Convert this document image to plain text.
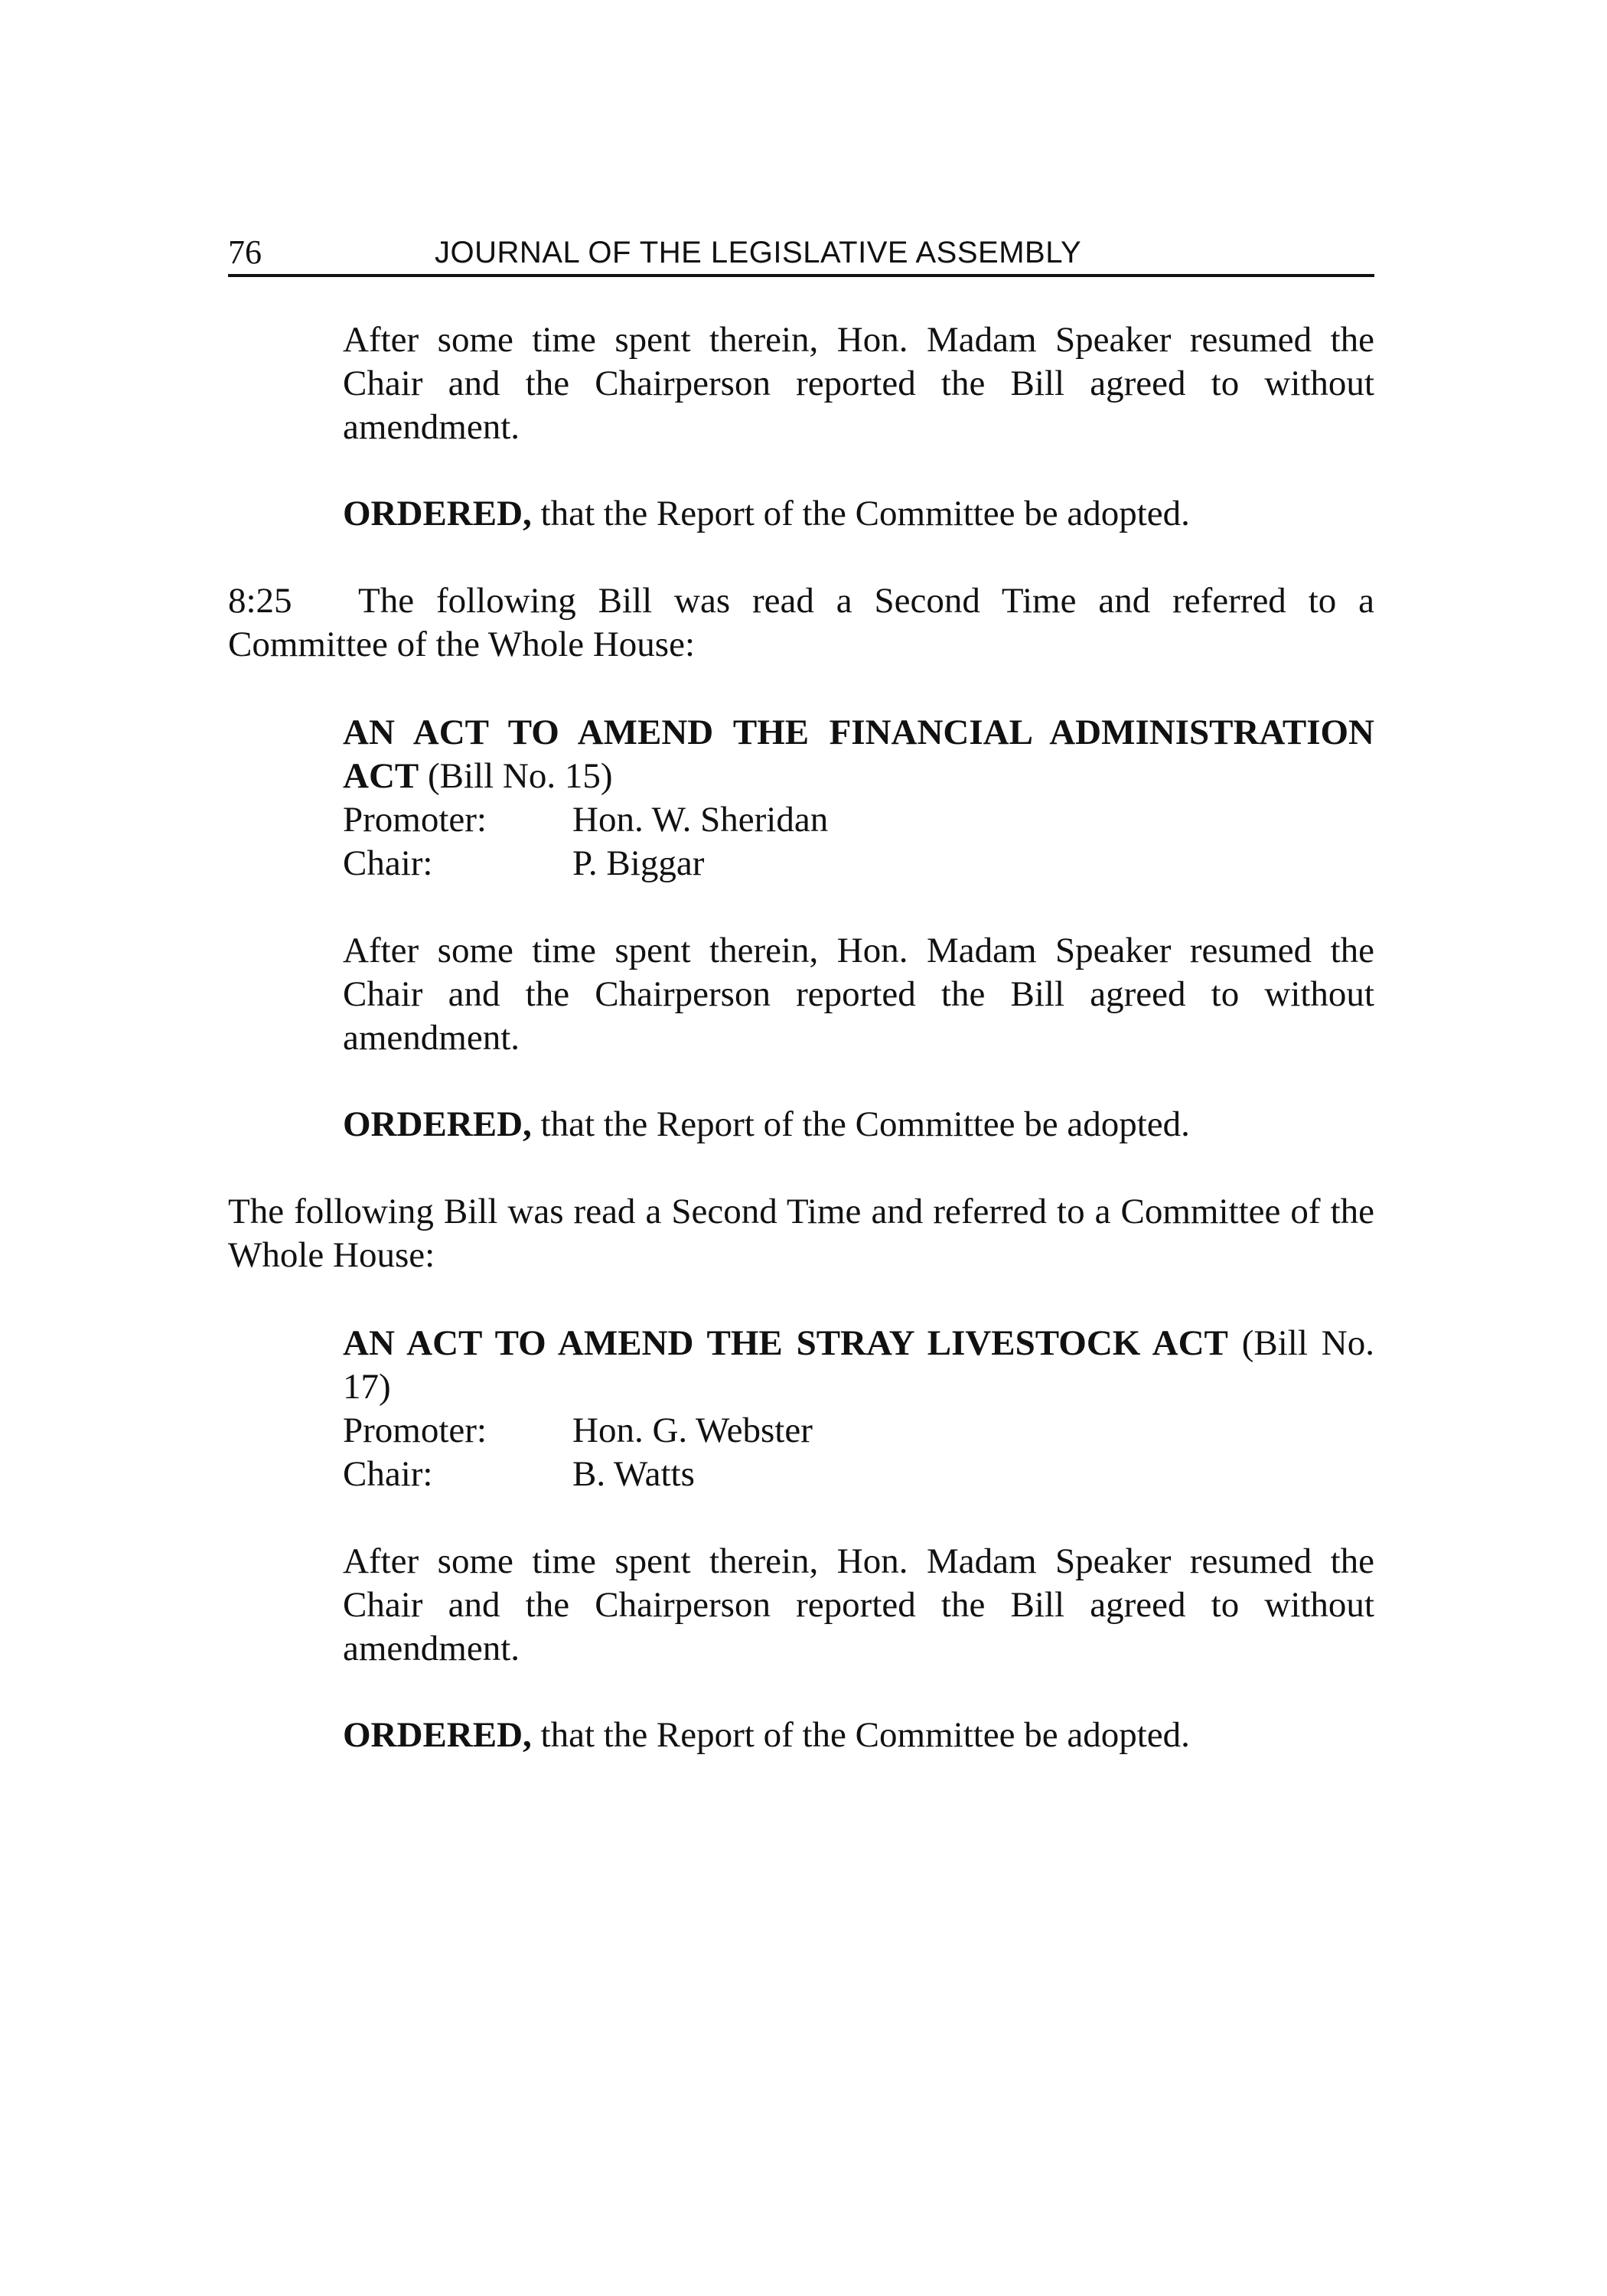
76	JOURNAL OF THE LEGISLATIVE ASSEMBLY

After some time spent therein, Hon. Madam Speaker resumed the Chair and the Chairperson reported the Bill agreed to without amendment.

ORDERED, that the Report of the Committee be adopted.

8:25 The following Bill was read a Second Time and referred to a Committee of the Whole House:

AN ACT TO AMEND THE FINANCIAL ADMINISTRATION ACT (Bill No. 15)

Promoter: Hon. W. Sheridan
Chair:	P. Biggar

After some time spent therein, Hon. Madam Speaker resumed the Chair and the Chairperson reported the Bill agreed to without amendment.

ORDERED, that the Report of the Committee be adopted.

The following Bill was read a Second Time and referred to a Committee of the Whole House:

AN ACT TO AMEND THE STRAY LIVESTOCK ACT (Bill No. 17)

Promoter: Hon. G. Webster
Chair:	B. Watts

After some time spent therein, Hon. Madam Speaker resumed the Chair and the Chairperson reported the Bill agreed to without amendment.

ORDERED, that the Report of the Committee be adopted.
